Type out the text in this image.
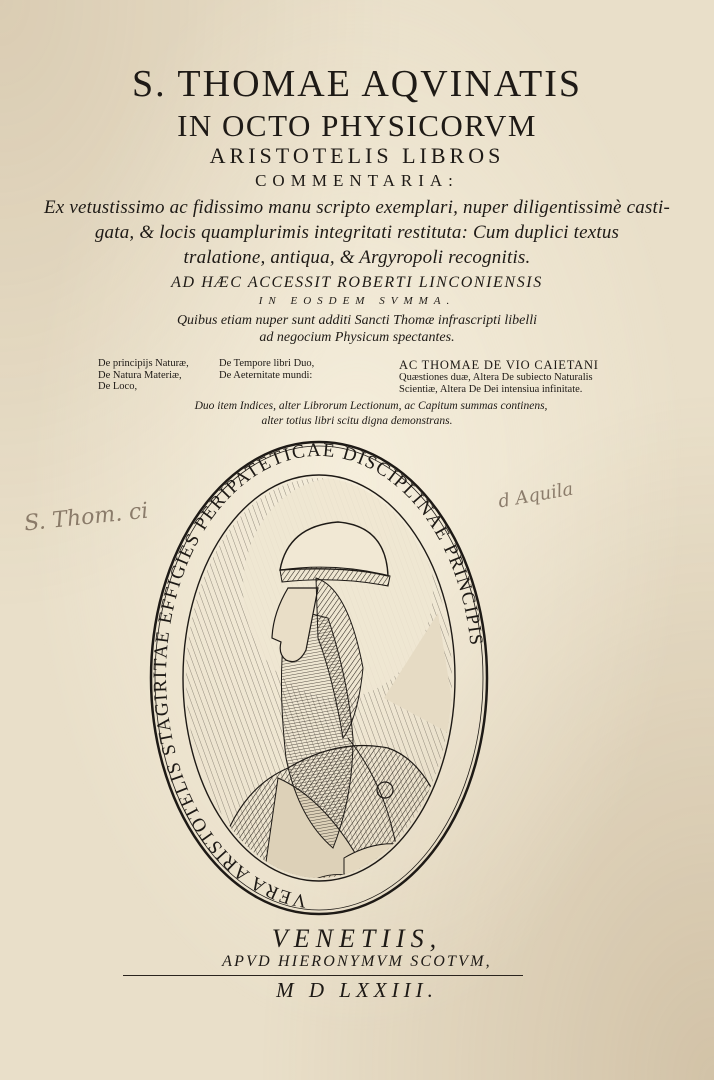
S. THOMAE AQVINATIS
IN OCTO PHYSICORVM
ARISTOTELIS LIBROS
COMMENTARIA:
Ex vetustissimo ac fidissimo manu scripto exemplari, nuper diligentissimè casti-
gata, & locis quamplurimis integritati restituta: Cum duplici textus
tralatione, antiqua, & Argyropoli recognitis.
AD HÆC ACCESSIT ROBERTI LINCONIENSIS
IN EOSDEM SVMMA.
Quibus etiam nuper sunt additi Sancti Thomæ infrascripti libelli
ad negocium Physicum spectantes.
De principijs Naturæ,
De Natura Materiæ,
De Loco,
De Tempore libri Duo,
De Aeternitate mundi:
AC THOMAE DE VIO CAIETANI
Quæstiones duæ, Altera De subiecto Naturalis
Scientiæ, Altera De Dei intensiua infinitate.
Duo item Indices, alter Librorum Lectionum, ac Capitum summas continens,
alter totius libri scitu digna demonstrans.
S. Thom. ci
d Aquila
VERA ARISTOTELIS STAGIRITAE EFFIGIES PERIPATETICAE DISCIPLINAE PRINCIPIS
VENETIIS,
APVD HIERONYMVM SCOTVM,
M D LXXIII.
